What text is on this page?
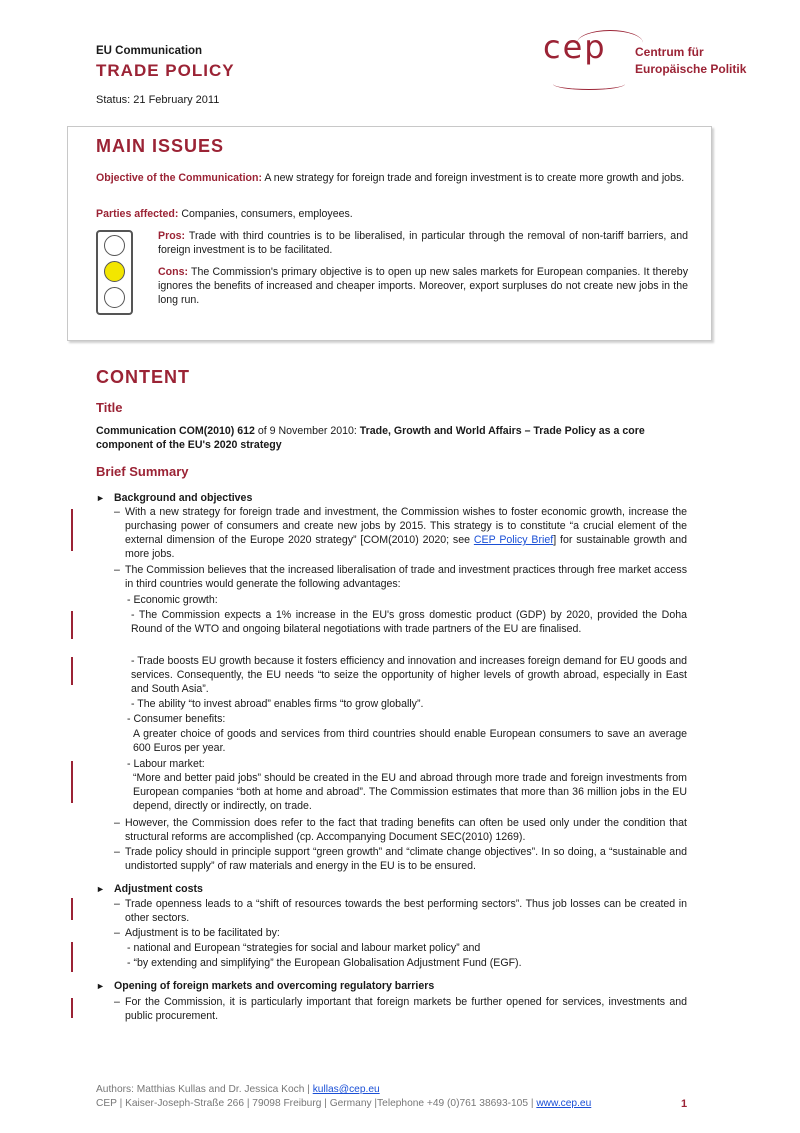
EU Communication
TRADE POLICY
Status: 21 February 2011
cep Centrum für
Europäische Politik
MAIN ISSUES
Objective of the Communication: A new strategy for foreign trade and foreign investment is to create more growth and jobs.
Parties affected: Companies, consumers, employees.
Pros: Trade with third countries is to be liberalised, in particular through the removal of non-tariff barriers, and foreign investment is to be facilitated.
Cons: The Commission's primary objective is to open up new sales markets for European companies. It thereby ignores the benefits of increased and cheaper imports. Moreover, export surpluses do not create new jobs in the long run.
CONTENT
Title
Communication COM(2010) 612 of 9 November 2010: Trade, Growth and World Affairs – Trade Policy as a core component of the EU's 2020 strategy
Brief Summary
► Background and objectives
– With a new strategy for foreign trade and investment, the Commission wishes to foster economic growth, increase the purchasing power of consumers and create new jobs by 2015. This strategy is to constitute “a crucial element of the external dimension of the Europe 2020 strategy” [COM(2010) 2020; see CEP Policy Brief] for sustainable growth and more jobs.
– The Commission believes that the increased liberalisation of trade and investment practices through free market access in third countries would generate the following advantages:
- Economic growth:
- The Commission expects a 1% increase in the EU's gross domestic product (GDP) by 2020, provided the Doha Round of the WTO and ongoing bilateral negotiations with trade partners of the EU are finalised.
- Trade boosts EU growth because it fosters efficiency and innovation and increases foreign demand for EU goods and services. Consequently, the EU needs “to seize the opportunity of higher levels of growth abroad, especially in East and South Asia”.
- The ability “to invest abroad” enables firms “to grow globally”.
- Consumer benefits:
A greater choice of goods and services from third countries should enable European consumers to save an average 600 Euros per year.
- Labour market:
“More and better paid jobs” should be created in the EU and abroad through more trade and foreign investments from European companies “both at home and abroad”. The Commission estimates that more than 36 million jobs in the EU depend, directly or indirectly, on trade.
– However, the Commission does refer to the fact that trading benefits can often be used only under the condition that structural reforms are accomplished (cp. Accompanying Document SEC(2010) 1269).
– Trade policy should in principle support “green growth” and “climate change objectives”. In so doing, a “sustainable and undistorted supply” of raw materials and energy in the EU is to be ensured.
► Adjustment costs
– Trade openness leads to a “shift of resources towards the best performing sectors”. Thus job losses can be created in other sectors.
– Adjustment is to be facilitated by:
- national and European “strategies for social and labour market policy” and
- “by extending and simplifying” the European Globalisation Adjustment Fund (EGF).
► Opening of foreign markets and overcoming regulatory barriers
– For the Commission, it is particularly important that foreign markets be further opened for services, investments and public procurement.
Authors: Matthias Kullas and Dr. Jessica Koch | kullas@cep.eu
CEP | Kaiser-Joseph-Straße 266 | 79098 Freiburg | Germany |Telephone +49 (0)761 38693-105 | www.cep.eu	1
